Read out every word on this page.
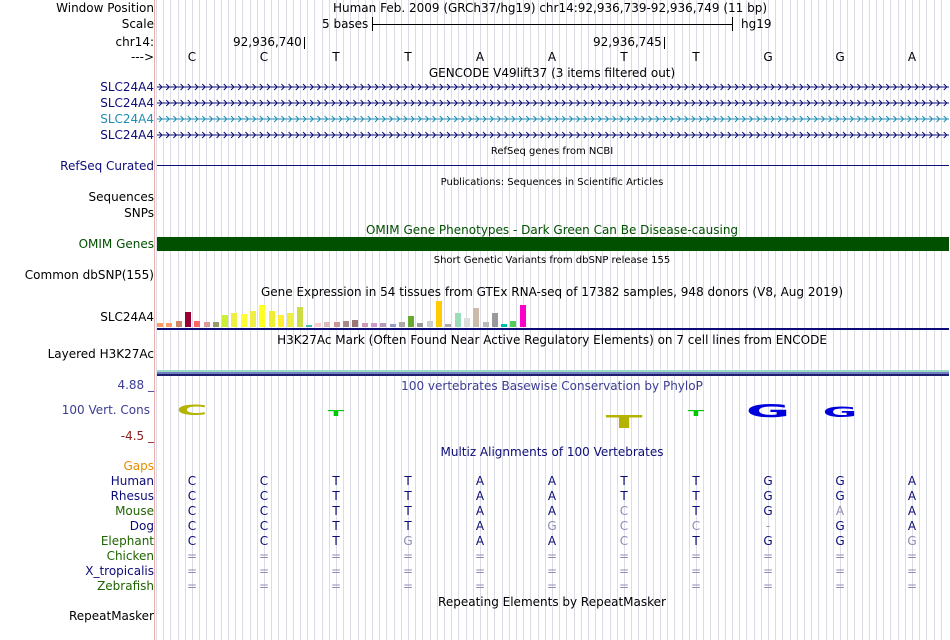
Window Position
Scale
chr14:
--->
SLC24A4
SLC24A4
SLC24A4
SLC24A4
RefSeq Curated
Sequences
SNPs
OMIM Genes
Common dbSNP(155)
SLC24A4
Layered H3K27Ac
4.88 _
100 Vert. Cons
-4.5 _
Gaps
Human
Rhesus
Mouse
Dog
Elephant
Chicken
X_tropicalis
Zebrafish
RepeatMasker
Human Feb. 2009 (GRCh37/hg19) chr14:92,936,739-92,936,749 (11 bp)
5 bases	hg19
92,936,740	92,936,745
C	C	T	T	A	A	T	T	G	G	A
GENCODE V49lift37 (3 items filtered out)
RefSeq genes from NCBI
Publications: Sequences in Scientific Articles
OMIM Gene Phenotypes - Dark Green Can Be Disease-causing
Short Genetic Variants from dbSNP release 155
Gene Expression in 54 tissues from GTEx RNA-seq of 17382 samples, 948 donors (V8, Aug 2019)
H3K27Ac Mark (Often Found Near Active Regulatory Elements) on 7 cell lines from ENCODE
100 vertebrates Basewise Conservation by PhyloP
C	T	T	T G G
Multiz Alignments of 100 Vertebrates
C	C	T	T	A	A	T	T	G	G	A
C	C	T	T	A	A	T	T	G	G	A
C	C	T	T	A	A	C	T	G	A	A
C	C	T	T	A	G	C	C	-	G	A
C	C	T	G	A	A	C	T	G	G	G
=	=	=	=	=	=	=	=	=	=	=
=	=	=	=	=	=	=	=	=	=	=
=	=	=	=	=	=	=	=	=	=	=
Repeating Elements by RepeatMasker
